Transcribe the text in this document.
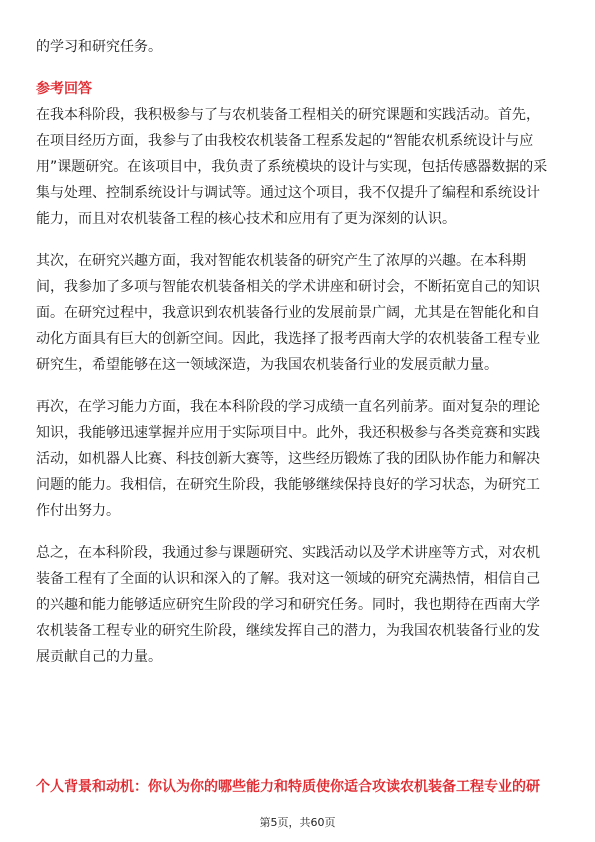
的学习和研究任务。
参考回答
在我本科阶段，我积极参与了与农机装备工程相关的研究课题和实践活动。首先，
在项目经历方面，我参与了由我校农机装备工程系发起的“智能农机系统设计与应
用”课题研究。在该项目中，我负责了系统模块的设计与实现，包括传感器数据的采
集与处理、控制系统设计与调试等。通过这个项目，我不仅提升了编程和系统设计
能力，而且对农机装备工程的核心技术和应用有了更为深刻的认识。
其次，在研究兴趣方面，我对智能农机装备的研究产生了浓厚的兴趣。在本科期
间，我参加了多项与智能农机装备相关的学术讲座和研讨会，不断拓宽自己的知识
面。在研究过程中，我意识到农机装备行业的发展前景广阔，尤其是在智能化和自
动化方面具有巨大的创新空间。因此，我选择了报考西南大学的农机装备工程专业
研究生，希望能够在这一领域深造，为我国农机装备行业的发展贡献力量。
再次，在学习能力方面，我在本科阶段的学习成绩一直名列前茅。面对复杂的理论
知识，我能够迅速掌握并应用于实际项目中。此外，我还积极参与各类竞赛和实践
活动，如机器人比赛、科技创新大赛等，这些经历锻炼了我的团队协作能力和解决
问题的能力。我相信，在研究生阶段，我能够继续保持良好的学习状态，为研究工
作付出努力。
总之，在本科阶段，我通过参与课题研究、实践活动以及学术讲座等方式，对农机
装备工程有了全面的认识和深入的了解。我对这一领域的研究充满热情，相信自己
的兴趣和能力能够适应研究生阶段的学习和研究任务。同时，我也期待在西南大学
农机装备工程专业的研究生阶段，继续发挥自己的潜力，为我国农机装备行业的发
展贡献自己的力量。
个人背景和动机：你认为你的哪些能力和特质使你适合攻读农机装备工程专业的研
第5页，共60页
